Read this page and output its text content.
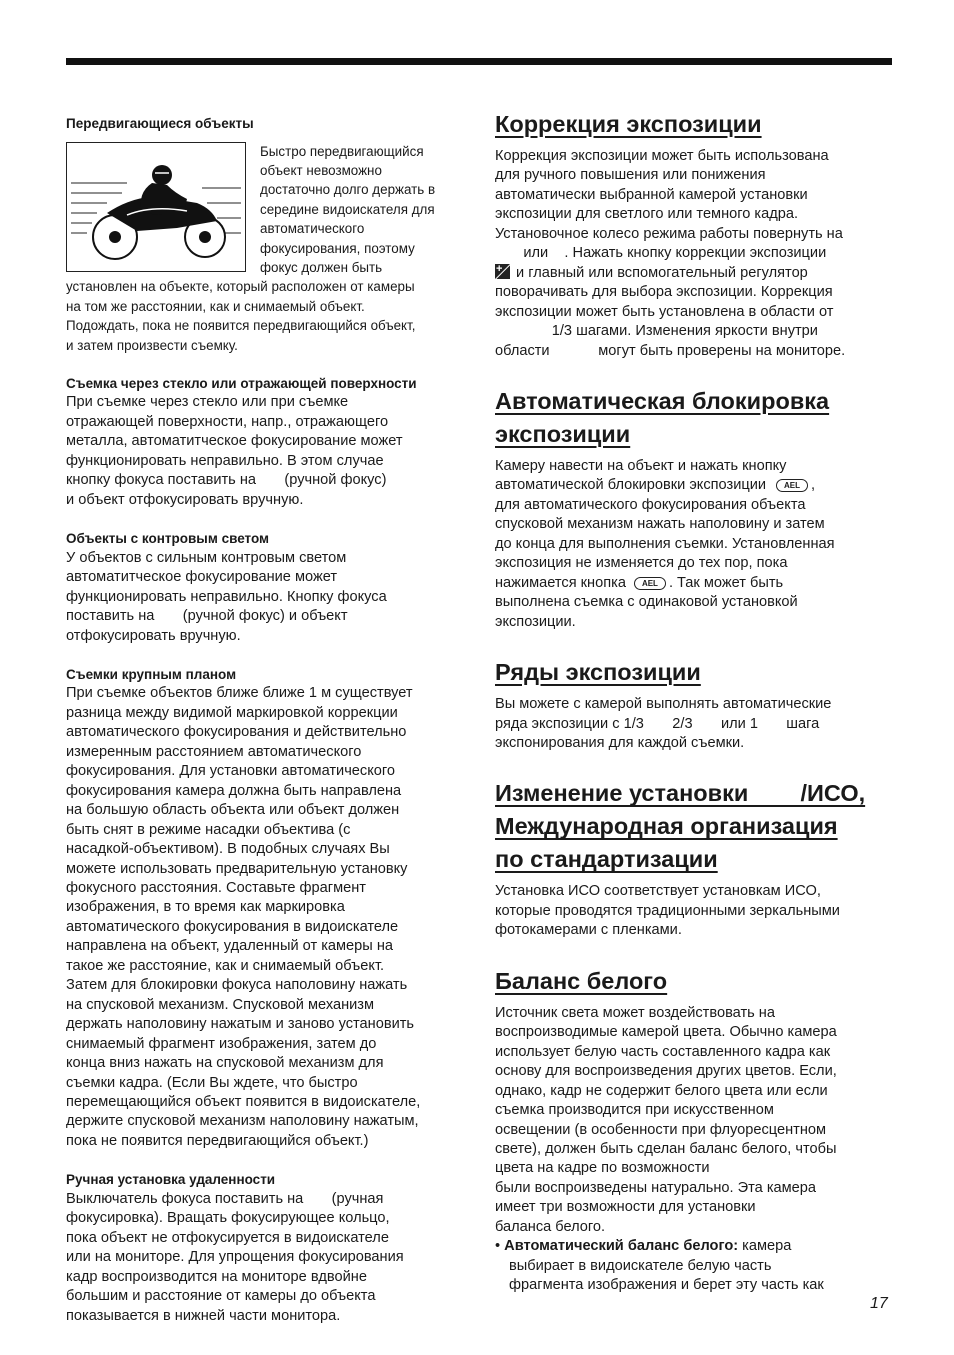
Передвигающиеся объекты

Быстро передвигающийся

объект невозможно

достаточно долго держать в

середине видоискателя для

автоматического

фокусирования, поэтому

фокус должен быть

установлен на объекте, который расположен от камеры

на том же расстоянии, как и снимаемый объект.

Подождать, пока не появится передвигающийся объект,

и затем произвести съемку.

Съемка через стекло или отражающей поверхности

При съемке через стекло или при съемке

отражающей поверхности, напр., отражающего

металла, автоматитческое фокусирование может

функционировать неправильно. В этом случае

кнопку фокуса поставить на       (ручной фокус)

и объект отфокусировать вручную.

Объекты с контровым светом

У объектов с сильным контровым светом

автоматитческое фокусирование может

функционировать неправильно. Кнопку фокуса

поставить на       (ручной фокус) и объект

отфокусировать вручную.

Съемки крупным планом

При съемке объектов ближе ближе 1 м существует

разница между видимой маркировкой коррекции

автоматического фокусирования и действительно

измеренным расстоянием автоматического

фокусирования. Для установки автоматического

фокусирования камера должна быть направлена

на большую область объекта или объект должен

быть снят в режиме насадки объектива (с

насадкой-объективом). В подобных случаях Вы

можете использовать предварительную установку

фокусного расстояния. Составьте фрагмент

изображения, в то время как маркировка

автоматического фокусирования в видоискателе

направлена на объект, удаленный от камеры на

такое же расстояние, как и снимаемый объект.

Затем для блокировки фокуса наполовину нажать

на спусковой механизм. Спусковой механизм

держать наполовину нажатым и заново установить

снимаемый фрагмент изображения, затем до

конца вниз нажать на спусковой механизм для

съемки кадра. (Если Вы ждете, что быстро

перемещающийся объект появится в видоискателе,

держите спусковой механизм наполовину нажатым,

пока не появится передвигающийся объект.)

Ручная установка удаленности

Выключатель фокуса поставить на       (ручная

фокусировка). Вращать фокусирующее кольцо,

пока объект не отфокусируется в видоискателе

или на мониторе. Для упрощения фокусирования

кадр воспроизводится на мониторе вдвойне

большим и расстояние от камеры до объекта

показывается в нижней части монитора.

Коррекция экспозиции

Коррекция экспозиции может быть использована

для ручного повышения или понижения

автоматически выбранной камерой установки

экспозиции для светлого или темного кадра.

Установочное колесо режима работы повернуть на

или    . Нажать кнопку коррекции экспозиции

+и главный или вспомогательный регулятор

поворачивать для выбора экспозиции. Коррекция

экспозиции может быть установлена в области от

1/3 шагами. Изменения яркости внутри

области            могут быть проверены на мониторе.

Автоматическая блокировка
экспозиции

Камеру навести на объект и нажать кнопку

автоматической блокировки экспозиции AEL ,

для автоматического фокусирования объекта

спусковой механизм нажать наполовину и затем

до конца для выполнения съемки. Установленная

экспозиция не изменяется до тех пор, пока

нажимается кнопка AEL . Так может быть

выполнена съемка с одинаковой установкой

экспозиции.

Ряды экспозиции

Вы можете с камерой выполнять автоматические

ряда экспозиции с 1/3       2/3       или 1       шага

экспонирования для каждой съемки.

Изменение установки        /ИСО,
Международная организация
по стандартизации

Установка ИСО соответствует установкам ИСО,

которые проводятся традиционными зеркальными

фотокамерами с пленками.

Баланс белого

Источник света может воздействовать на

воспроизводимые камерой цвета. Обычно камера

использует белую часть составленного кадра как

основу для воспроизведения других цветов. Если,

однако, кадр не содержит белого цвета или если

съемка производится при искусственном

освещении (в особенности при флуоресцентном

свете), должен быть сделан баланс белого, чтобы

цвета на кадре по возможности

были воспроизведены натурально. Эта камера

имеет три возможности для установки

баланса белого.

• Автоматический баланс белого: камера

выбирает в видоискателе белую часть

фрагмента изображения и берет эту часть как

17
